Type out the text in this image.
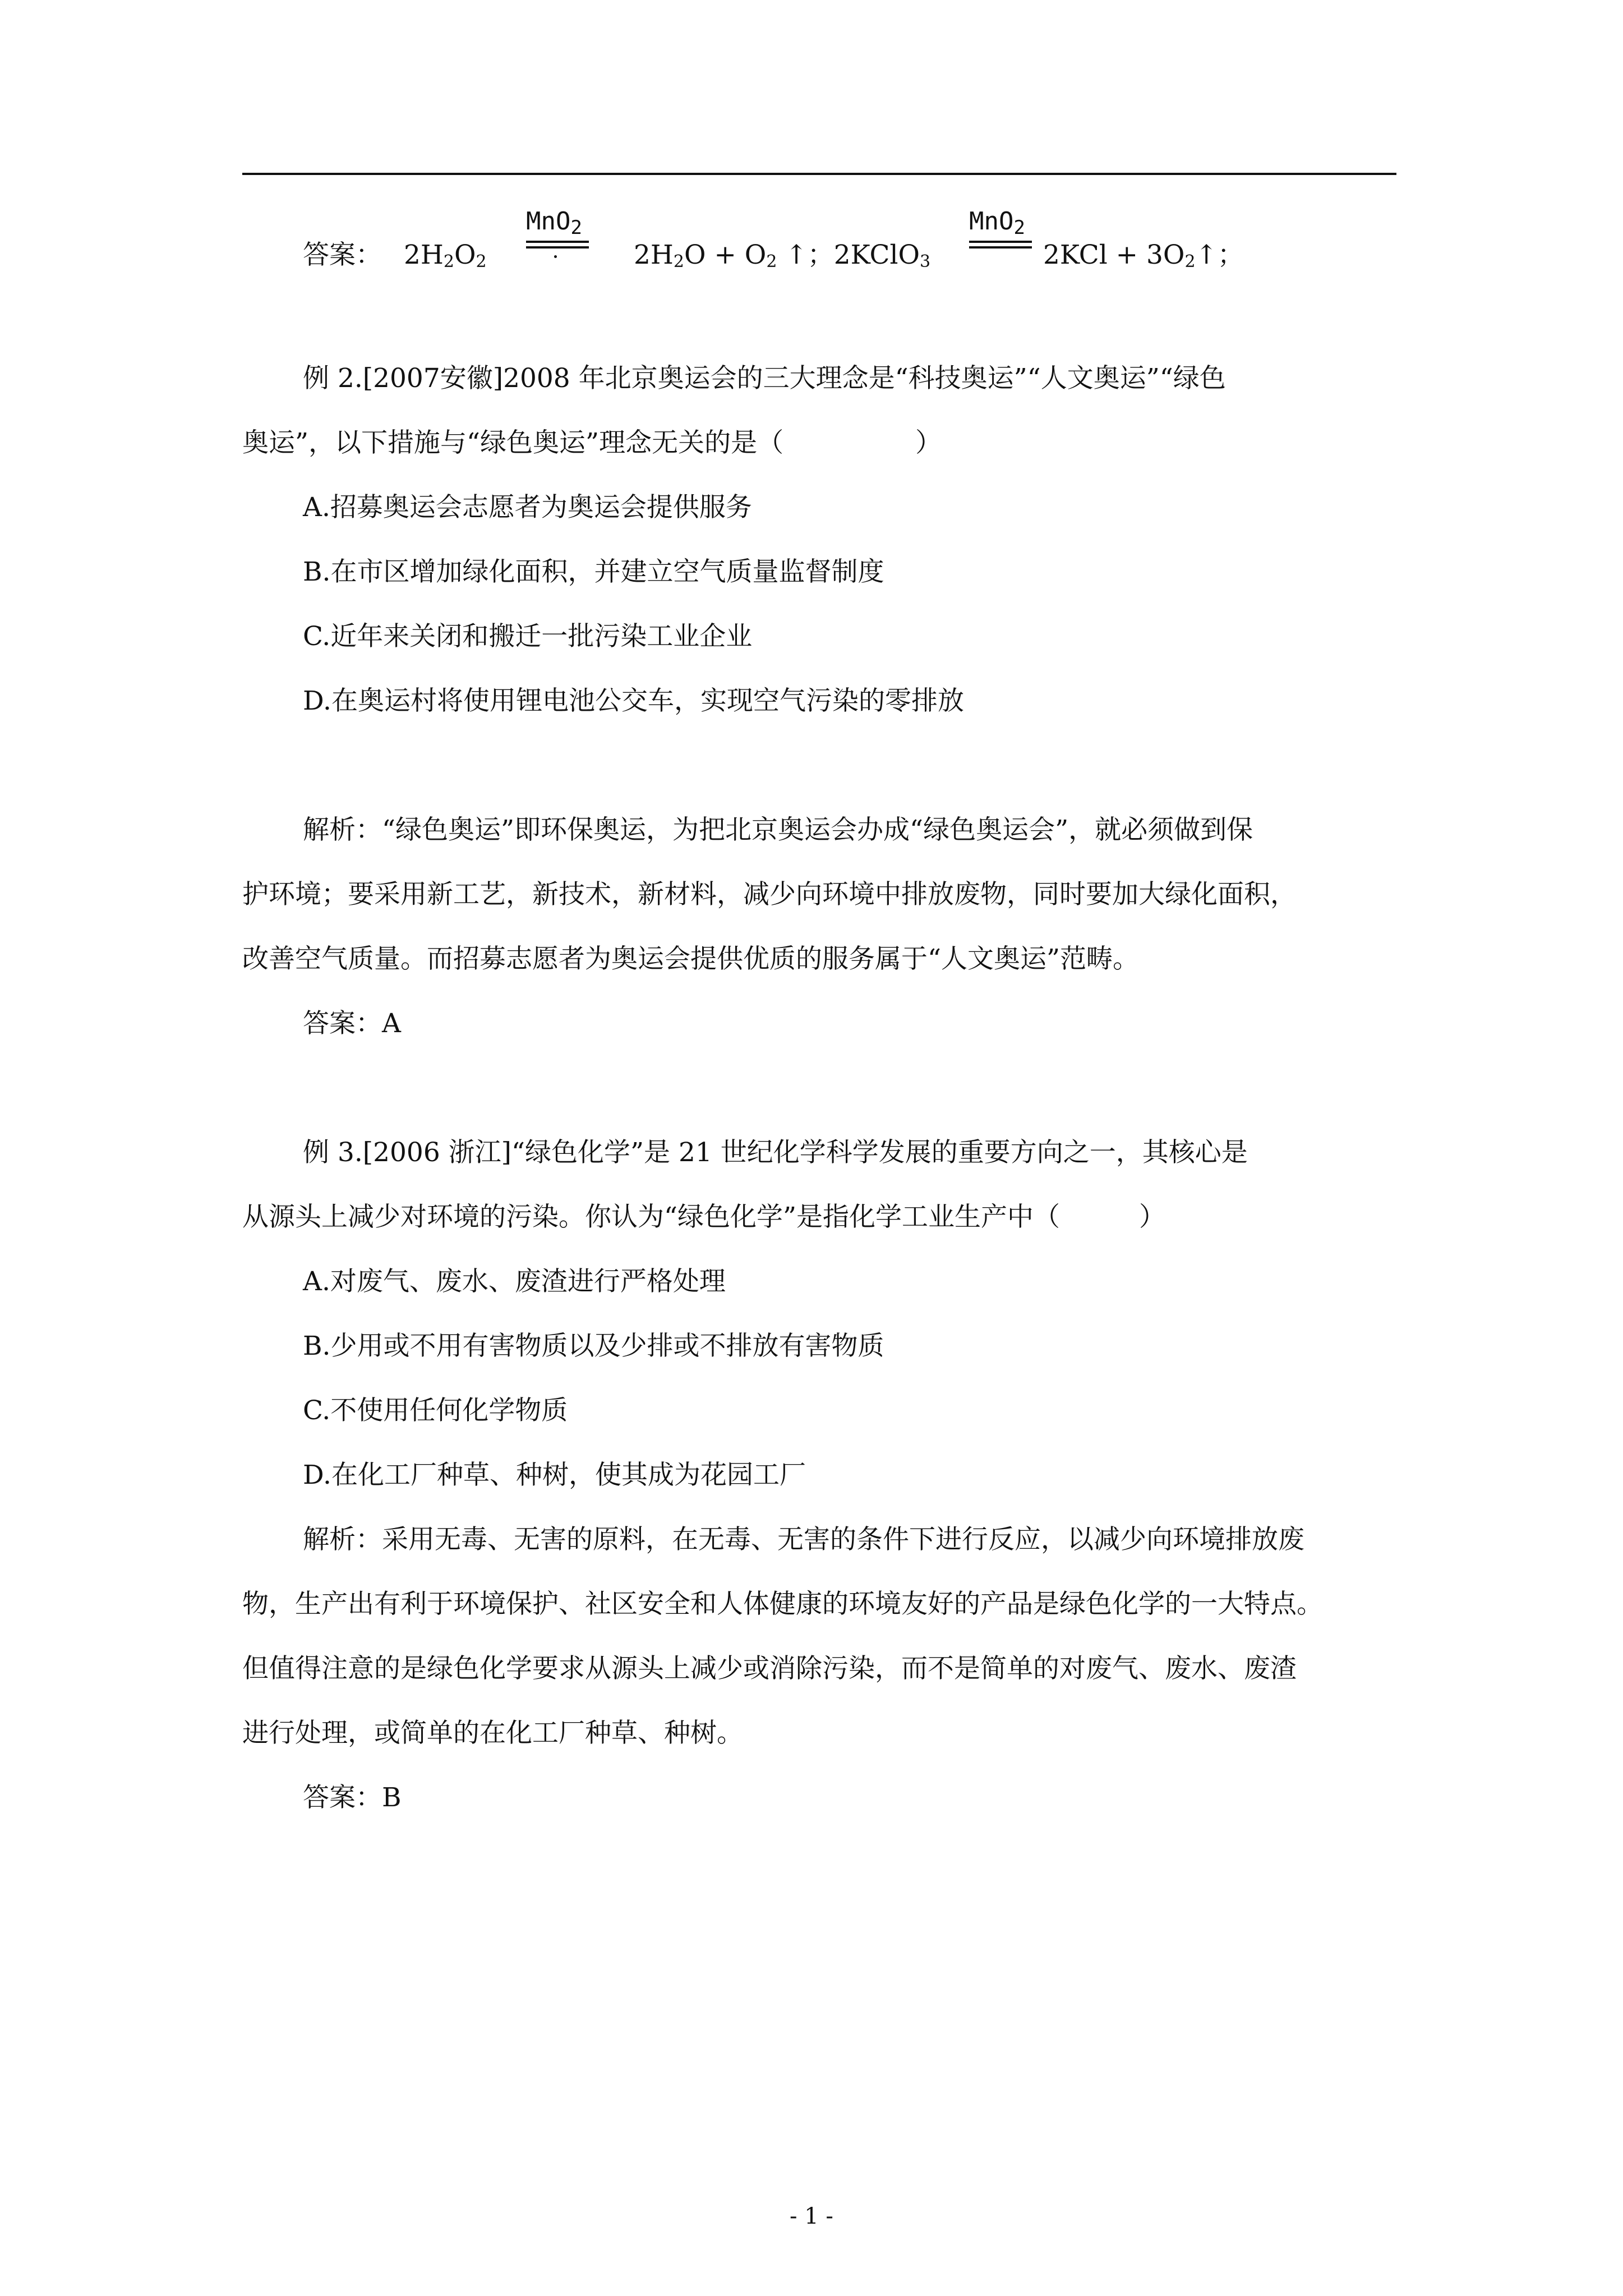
答案： $2H_2O_2$
MnO$_2$
$2H_2O + O_2$ ↑；2KClO$_3$
MnO$_2$
$2KCl + 3O_2↑$；
例 2.[2007安徽]2008 年北京奥运会的三大理念是“科技奥运”“人文奥运”“绿色
奥运”，以下措施与“绿色奥运”理念无关的是（　　　　　）
A.招募奥运会志愿者为奥运会提供服务
B.在市区增加绿化面积，并建立空气质量监督制度
C.近年来关闭和搬迁一批污染工业企业
D.在奥运村将使用锂电池公交车，实现空气污染的零排放
解析：“绿色奥运”即环保奥运，为把北京奥运会办成“绿色奥运会”，就必须做到保
护环境；要采用新工艺，新技术，新材料，减少向环境中排放废物，同时要加大绿化面积，
改善空气质量。而招募志愿者为奥运会提供优质的服务属于“人文奥运”范畴。
答案：A
例 3.[2006 浙江]“绿色化学”是 21 世纪化学科学发展的重要方向之一，其核心是
从源头上减少对环境的污染。你认为“绿色化学”是指化学工业生产中（　　　）
A.对废气、废水、废渣进行严格处理
B.少用或不用有害物质以及少排或不排放有害物质
C.不使用任何化学物质
D.在化工厂种草、种树，使其成为花园工厂
解析：采用无毒、无害的原料，在无毒、无害的条件下进行反应，以减少向环境排放废
物，生产出有利于环境保护、社区安全和人体健康的环境友好的产品是绿色化学的一大特点。
但值得注意的是绿色化学要求从源头上减少或消除污染，而不是简单的对废气、废水、废渣
进行处理，或简单的在化工厂种草、种树。
答案：B
- 1 -
